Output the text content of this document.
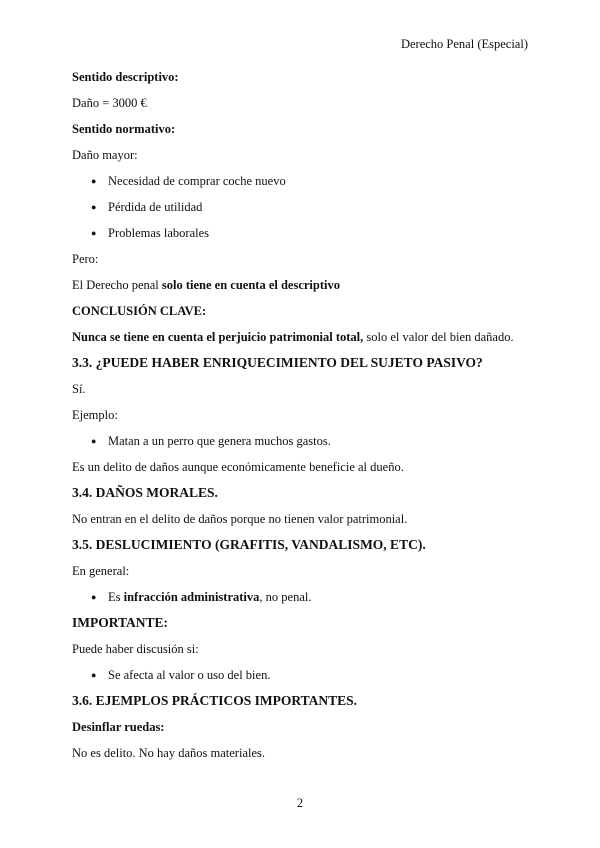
Derecho Penal (Especial)
Sentido descriptivo:
Daño = 3000 €
Sentido normativo:
Daño mayor:
● Necesidad de comprar coche nuevo
● Pérdida de utilidad
● Problemas laborales
Pero:
El Derecho penal solo tiene en cuenta el descriptivo
CONCLUSIÓN CLAVE:
Nunca se tiene en cuenta el perjuicio patrimonial total, solo el valor del bien dañado.
3.3. ¿PUEDE HABER ENRIQUECIMIENTO DEL SUJETO PASIVO?
Sí.
Ejemplo:
● Matan a un perro que genera muchos gastos.
Es un delito de daños aunque económicamente beneficie al dueño.
3.4. DAÑOS MORALES.
No entran en el delito de daños porque no tienen valor patrimonial.
3.5. DESLUCIMIENTO (GRAFITIS, VANDALISMO, ETC).
En general:
● Es infracción administrativa, no penal.
IMPORTANTE:
Puede haber discusión si:
● Se afecta al valor o uso del bien.
3.6. EJEMPLOS PRÁCTICOS IMPORTANTES.
Desinflar ruedas:
No es delito. No hay daños materiales.
2
